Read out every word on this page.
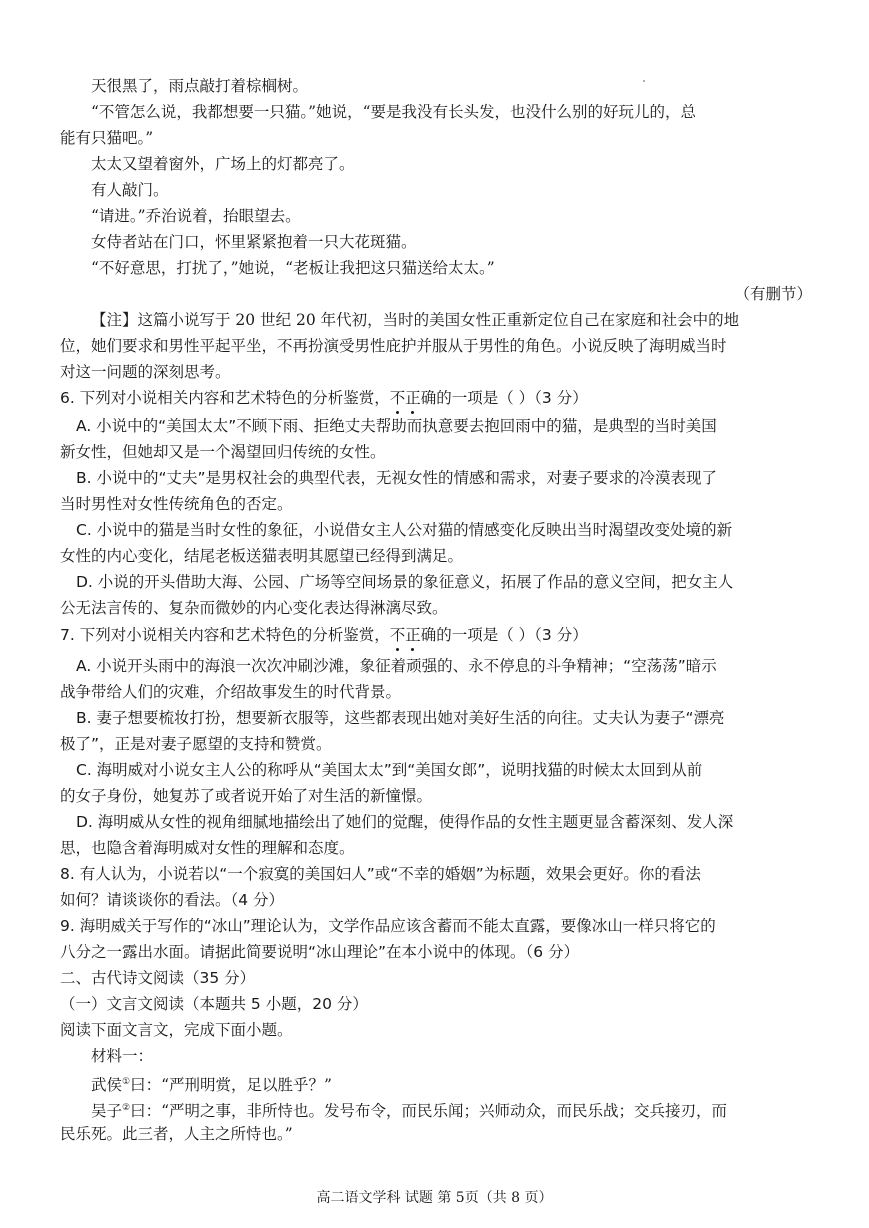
天很黑了，雨点敲打着棕榈树。
“不管怎么说，我都想要一只猫。”她说，“要是我没有长头发，也没什么别的好玩儿的，总
能有只猫吧。”
太太又望着窗外，广场上的灯都亮了。
有人敲门。
“请进。”乔治说着，抬眼望去。
女侍者站在门口，怀里紧紧抱着一只大花斑猫。
“不好意思，打扰了，”她说，“老板让我把这只猫送给太太。”
（有删节）
【注】这篇小说写于 20 世纪 20 年代初，当时的美国女性正重新定位自己在家庭和社会中的地
位，她们要求和男性平起平坐，不再扮演受男性庇护并服从于男性的角色。小说反映了海明威当时
对这一问题的深刻思考。
6. 下列对小说相关内容和艺术特色的分析鉴赏，不正确的一项是（ ）（3 分）
A. 小说中的“美国太太”不顾下雨、拒绝丈夫帮助而执意要去抱回雨中的猫，是典型的当时美国
新女性，但她却又是一个渴望回归传统的女性。
B. 小说中的“丈夫”是男权社会的典型代表，无视女性的情感和需求，对妻子要求的冷漠表现了
当时男性对女性传统角色的否定。
C. 小说中的猫是当时女性的象征，小说借女主人公对猫的情感变化反映出当时渴望改变处境的新
女性的内心变化，结尾老板送猫表明其愿望已经得到满足。
D. 小说的开头借助大海、公园、广场等空间场景的象征意义，拓展了作品的意义空间，把女主人
公无法言传的、复杂而微妙的内心变化表达得淋漓尽致。
7. 下列对小说相关内容和艺术特色的分析鉴赏，不正确的一项是（ ）（3 分）
A. 小说开头雨中的海浪一次次冲刷沙滩，象征着顽强的、永不停息的斗争精神；“空荡荡”暗示
战争带给人们的灾难，介绍故事发生的时代背景。
B. 妻子想要梳妆打扮，想要新衣服等，这些都表现出她对美好生活的向往。丈夫认为妻子“漂亮
极了”，正是对妻子愿望的支持和赞赏。
C. 海明威对小说女主人公的称呼从“美国太太”到“美国女郎”，说明找猫的时候太太回到从前
的女子身份，她复苏了或者说开始了对生活的新憧憬。
D. 海明威从女性的视角细腻地描绘出了她们的觉醒，使得作品的女性主题更显含蓄深刻、发人深
思，也隐含着海明威对女性的理解和态度。
8. 有人认为，小说若以“一个寂寞的美国妇人”或“不幸的婚姻”为标题，效果会更好。你的看法
如何？请谈谈你的看法。（4 分）
9. 海明威关于写作的“冰山”理论认为，文学作品应该含蓄而不能太直露，要像冰山一样只将它的
八分之一露出水面。请据此简要说明“冰山理论”在本小说中的体现。（6 分）
二、古代诗文阅读（35 分）
（一）文言文阅读（本题共 5 小题，20 分）
阅读下面文言文，完成下面小题。
材料一：
武侯①曰：“严刑明赏，足以胜乎？”
吴子②曰：“严明之事，非所恃也。发号布令，而民乐闻；兴师动众，而民乐战；交兵接刃，而
民乐死。此三者，人主之所恃也。”
高二语文学科 试题 第 5页（共 8 页）
